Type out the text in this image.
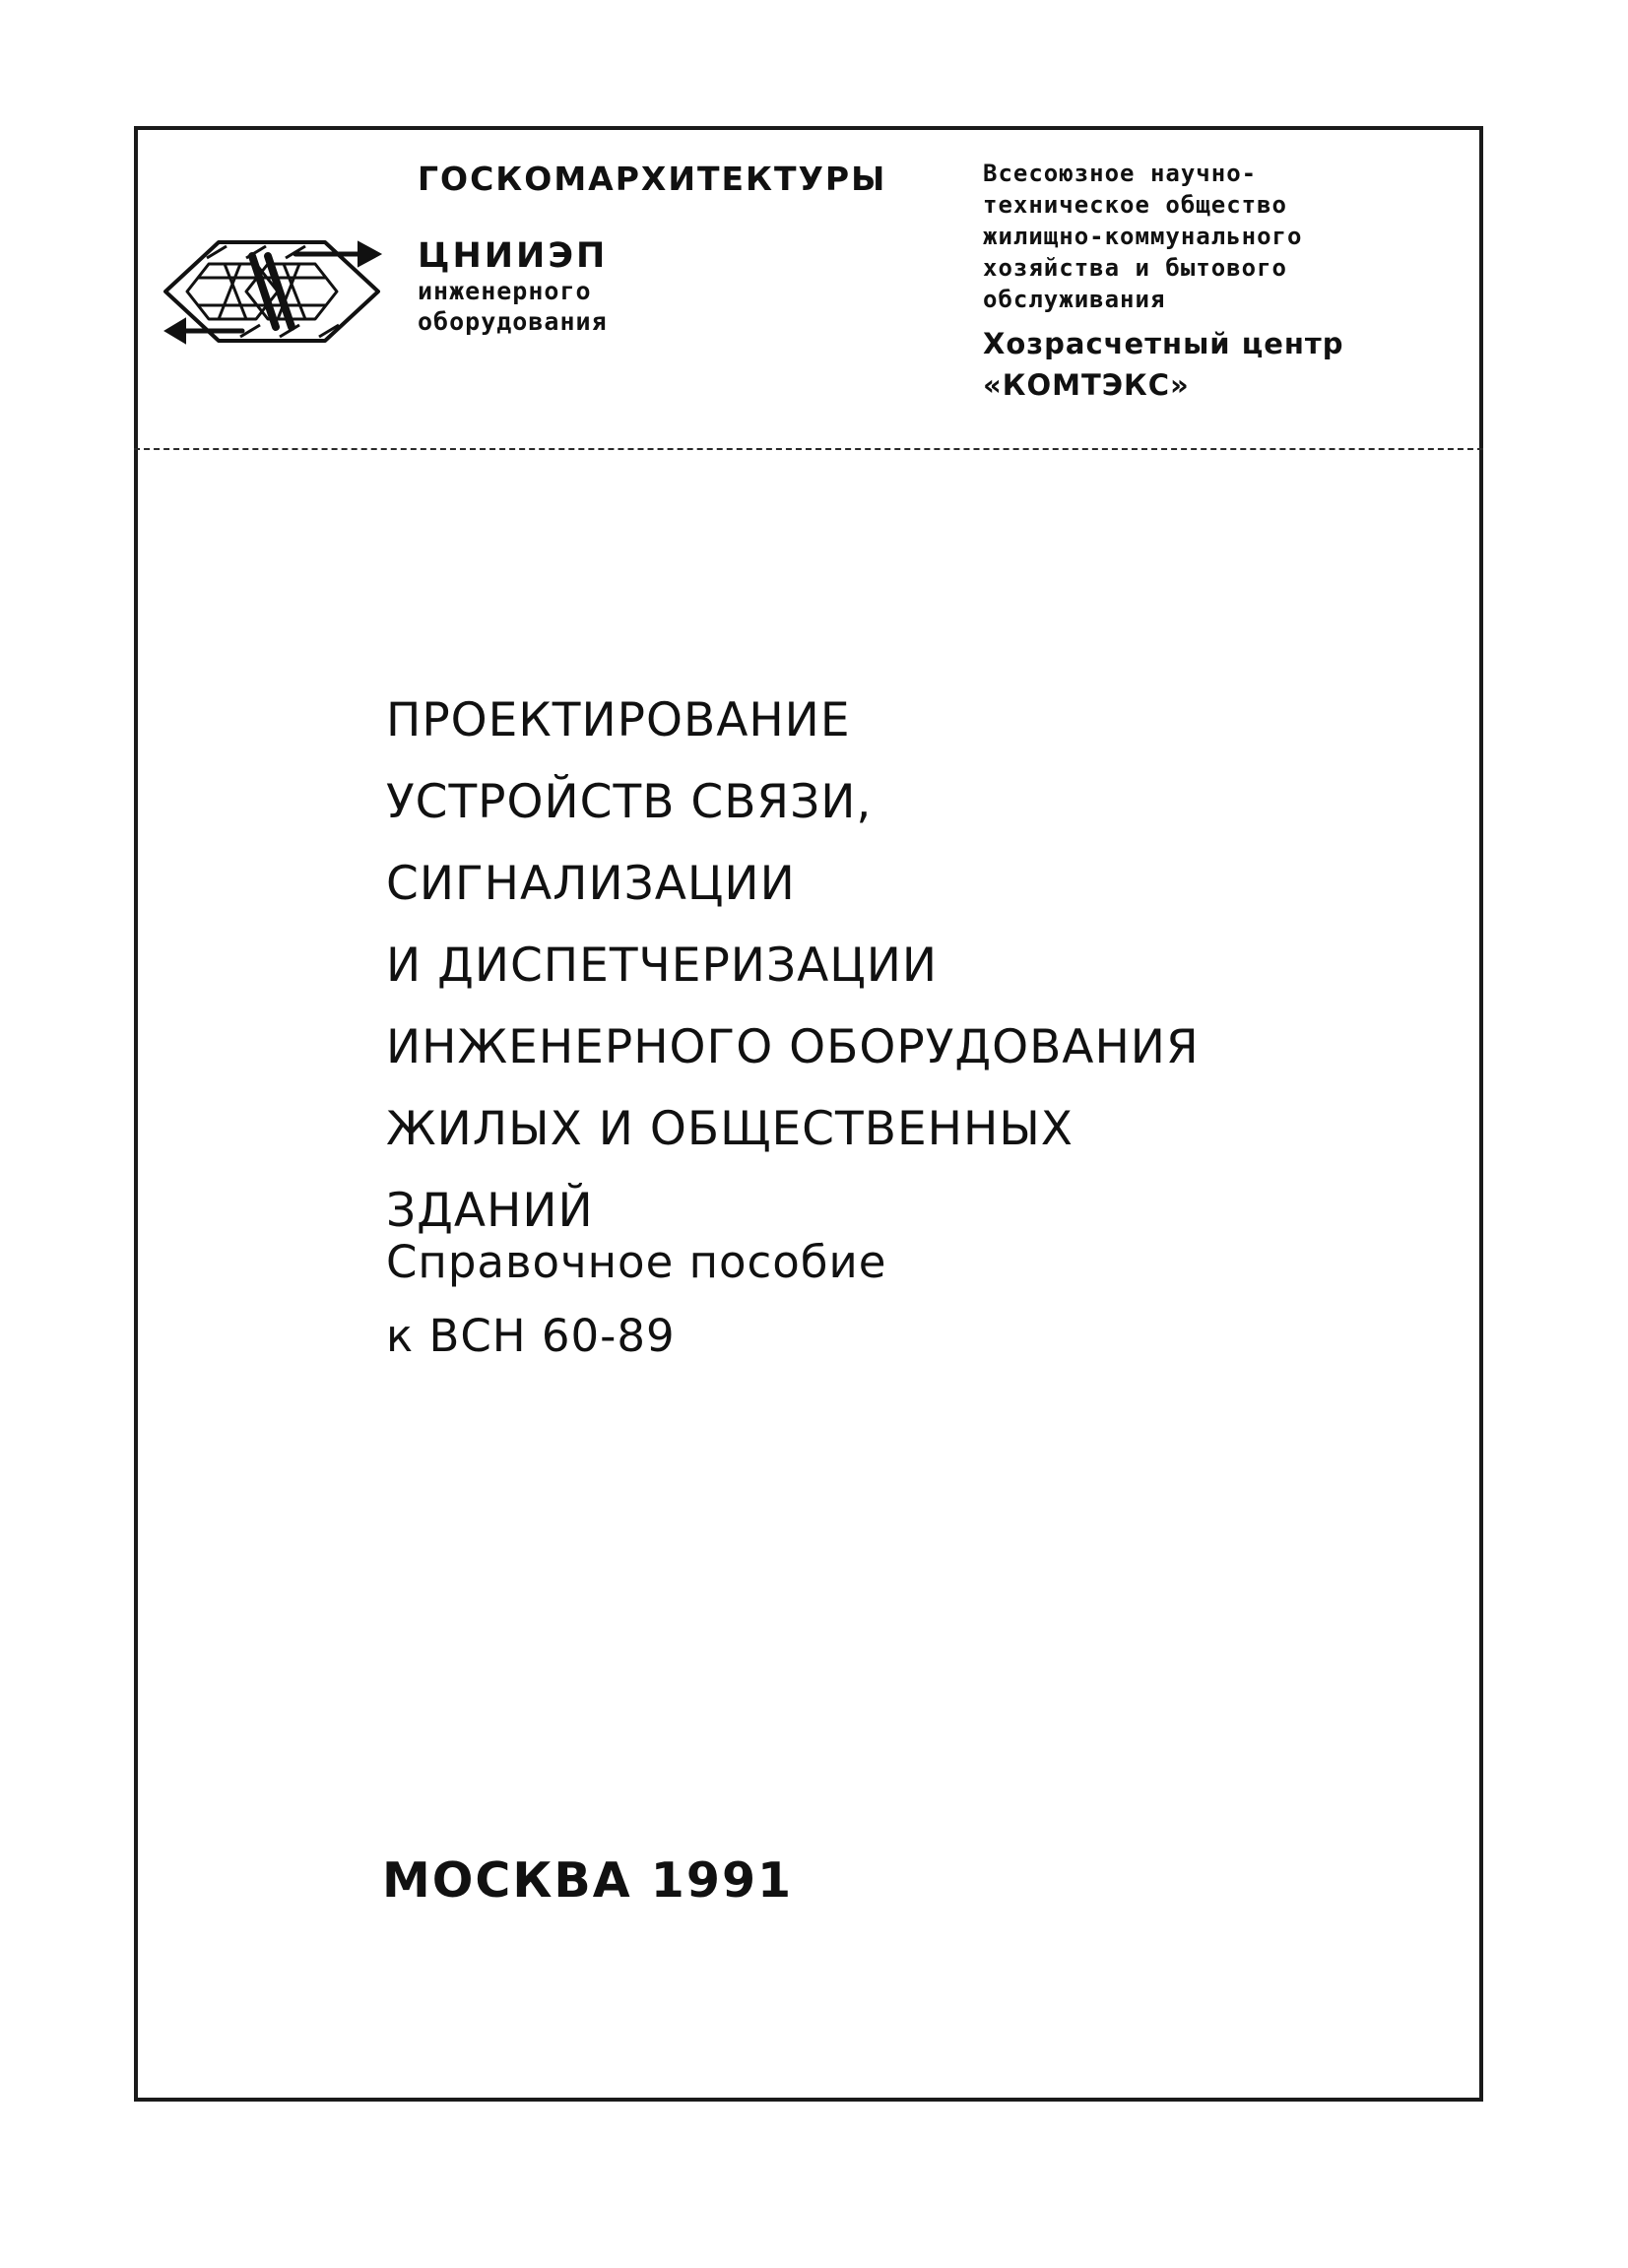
ГОСКОМАРХИТЕКТУРЫ
ЦНИИЭП
инженерного
оборудования
Всесоюзное научно-
техническое общество
жилищно-коммунального
хозяйства и бытового
обслуживания
Хозрасчетный центр
«КОМТЭКС»
ПРОЕКТИРОВАНИЕ
УСТРОЙСТВ СВЯЗИ,
СИГНАЛИЗАЦИИ
И ДИСПЕТЧЕРИЗАЦИИ
ИНЖЕНЕРНОГО ОБОРУДОВАНИЯ
ЖИЛЫХ И ОБЩЕСТВЕННЫХ
ЗДАНИЙ
Справочное пособие
к ВСН 60-89
МОСКВА 1991
